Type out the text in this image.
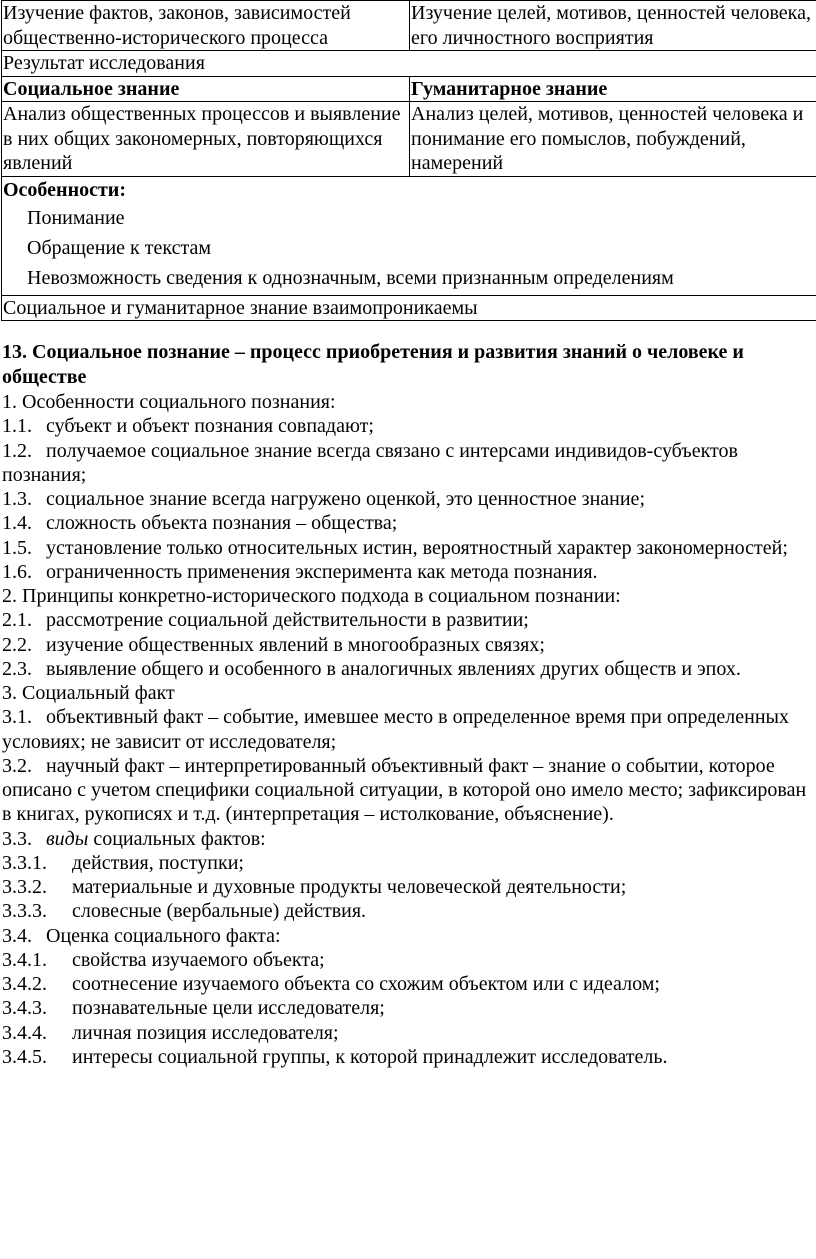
Изучение фактов, законов, зависимостей общественно-исторического процесса	Изучение целей, мотивов, ценностей человека, его личностного восприятия
Результат исследования	
Социальное знание	Гуманитарное знание
Анализ общественных процессов и выявление в них общих закономерных, повторяющихся явлений	Анализ целей, мотивов, ценностей человека и понимание его помыслов, побуждений, намерений

Особенности:
Понимание
Обращение к текстам
Невозможность сведения к однозначным, всеми признанным определениям	

Социальное и гуманитарное знание взаимопроникаемы	

13. Социальное познание – процесс приобретения и развития знаний о человеке и обществе

1. Особенности социального познания:

1.1. субъект и объект познания совпадают;

1.2. получаемое социальное знание всегда связано с интерсами индивидов-субъектов познания;

1.3. социальное знание всегда нагружено оценкой, это ценностное знание;

1.4. сложность объекта познания – общества;

1.5. установление только относительных истин, вероятностный характер закономерностей;

1.6. ограниченность применения эксперимента как метода познания.

2. Принципы конкретно-исторического подхода в социальном познании:

2.1. рассмотрение социальной действительности в развитии;

2.2. изучение общественных явлений в многообразных связях;

2.3. выявление общего и особенного в аналогичных явлениях других обществ и эпох.

3. Социальный факт

3.1. объективный факт – событие, имевшее место в определенное время при определенных условиях; не зависит от исследователя;

3.2. научный факт – интерпретированный объективный факт – знание о событии, которое описано с учетом специфики социальной ситуации, в которой оно имело место; зафиксирован в книгах, рукописях и т.д. (интерпретация – истолкование, объяснение).

3.3. виды социальных фактов:

3.3.1. действия, поступки;

3.3.2. материальные и духовные продукты человеческой деятельности;

3.3.3. словесные (вербальные) действия.

3.4. Оценка социального факта:

3.4.1. свойства изучаемого объекта;

3.4.2. соотнесение изучаемого объекта со схожим объектом или с идеалом;

3.4.3. познавательные цели исследователя;

3.4.4. личная позиция исследователя;

3.4.5. интересы социальной группы, к которой принадлежит исследователь.
